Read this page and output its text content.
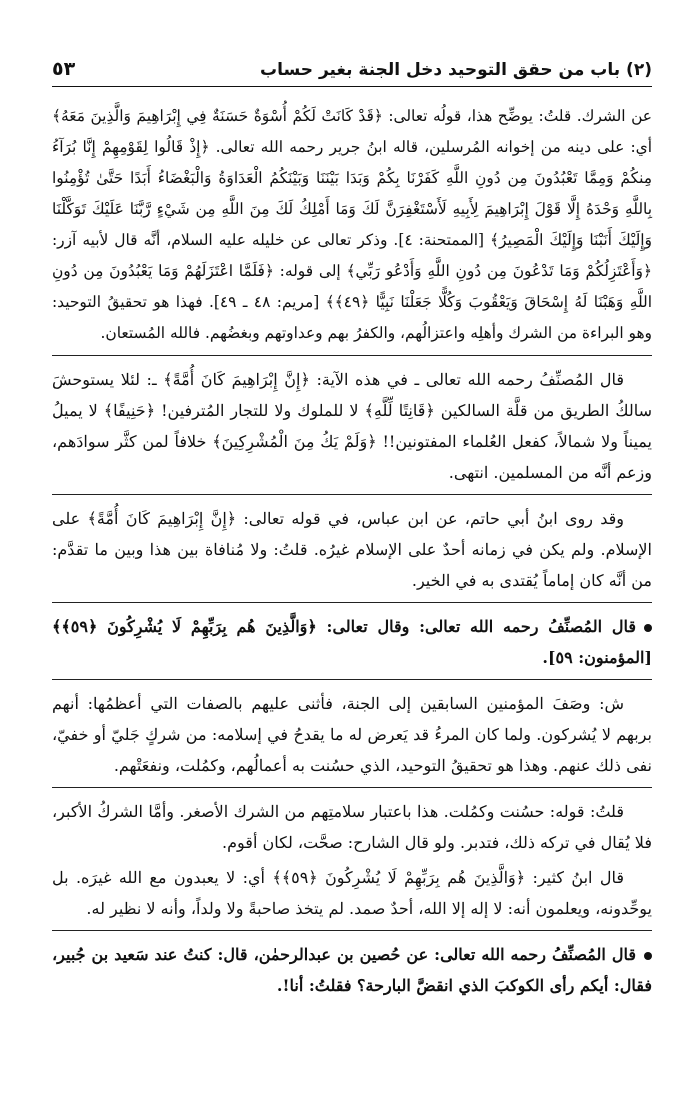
(٢) باب من حقق التوحيد دخل الجنة بغير حساب
٥٣

عن الشرك. قلتُ: يوضِّح هذا، قولُه تعالى: ﴿قَدْ كَانَتْ لَكُمْ أُسْوَةٌ حَسَنَةٌ فِي إِبْرَاهِيمَ وَالَّذِينَ مَعَهُ﴾ أي: على دينه من إخوانه المُرسلين، قاله ابنُ جرير رحمه الله تعالى. ﴿إِذْ قَالُوا لِقَوْمِهِمْ إِنَّا بُرَآءُ مِنكُمْ وَمِمَّا تَعْبُدُونَ مِن دُونِ اللَّهِ كَفَرْنَا بِكُمْ وَبَدَا بَيْنَنَا وَبَيْنَكُمُ الْعَدَاوَةُ وَالْبَغْضَاءُ أَبَدًا حَتَّىٰ تُؤْمِنُوا بِاللَّهِ وَحْدَهُ إِلَّا قَوْلَ إِبْرَاهِيمَ لِأَبِيهِ لَأَسْتَغْفِرَنَّ لَكَ وَمَا أَمْلِكُ لَكَ مِنَ اللَّهِ مِن شَيْءٍ رَّبَّنَا عَلَيْكَ تَوَكَّلْنَا وَإِلَيْكَ أَنَبْنَا وَإِلَيْكَ الْمَصِيرُ﴾ [الممتحنة: ٤]. وذكر تعالى عن خليله عليه السلام، أنَّه قال لأبيه آزر: ﴿وَأَعْتَزِلُكُمْ وَمَا تَدْعُونَ مِن دُونِ اللَّهِ وَأَدْعُو رَبِّي﴾ إلى قوله: ﴿فَلَمَّا اعْتَزَلَهُمْ وَمَا يَعْبُدُونَ مِن دُونِ اللَّهِ وَهَبْنَا لَهُ إِسْحَاقَ وَيَعْقُوبَ وَكُلًّا جَعَلْنَا نَبِيًّا ﴿٤٩﴾﴾ [مريم: ٤٨ ـ ٤٩]. فهذا هو تحقيقُ التوحيد: وهو البراءة من الشرك وأهلِه واعتزالُهم، والكفرُ بهم وعداوتهم وبغضُهم. فالله المُستعان.

قال المُصنِّفُ رحمه الله تعالى ـ في هذه الآية: ﴿إِنَّ إِبْرَاهِيمَ كَانَ أُمَّةً﴾ ـ: لئلا يستوحشَ سالكُ الطريق من قلَّة السالكين ﴿قَانِتًا لِّلَّهِ﴾ لا للملوك ولا للتجار المُترفين! ﴿حَنِيفًا﴾ لا يميلُ يميناً ولا شمالاً، كفعل العُلماء المفتونين!! ﴿وَلَمْ يَكُ مِنَ الْمُشْرِكِينَ﴾ خلافاً لمن كثَّر سوادَهم، وزعم أنَّه من المسلمين. انتهى.

وقد روى ابنُ أبي حاتم، عن ابن عباس، في قوله تعالى: ﴿إِنَّ إِبْرَاهِيمَ كَانَ أُمَّةً﴾ على الإسلام. ولم يكن في زمانه أحدٌ على الإسلام غيرُه. قلتُ: ولا مُنافاة بين هذا وبين ما تقدَّم: من أنَّه كان إماماً يُقتدى به في الخير.

قال المُصنِّفُ رحمه الله تعالى: وقال تعالى: ﴿وَالَّذِينَ هُم بِرَبِّهِمْ لَا يُشْرِكُونَ ﴿٥٩﴾﴾ [المؤمنون: ٥٩].

ش: وصَفَ المؤمنين السابقين إلى الجنة، فأثنى عليهم بالصفات التي أعظمُها: أنهم بربهم لا يُشركون. ولما كان المرءُ قد يَعرض له ما يقدحُ في إسلامه: من شركٍ جَليّ أو خفيّ، نفى ذلك عنهم. وهذا هو تحقيقُ التوحيد، الذي حسُنت به أعمالُهم، وكمُلت، ونفعَتْهم.

قلتُ: قوله: حسُنت وكمُلت. هذا باعتبار سلامتِهم من الشرك الأصغر. وأمَّا الشركُ الأكبر، فلا يُقال في تركه ذلك، فتدبر. ولو قال الشارح: صحَّت، لكان أقوم.

قال ابنُ كثير: ﴿وَالَّذِينَ هُم بِرَبِّهِمْ لَا يُشْرِكُونَ ﴿٥٩﴾﴾ أي: لا يعبدون مع الله غيرَه. بل يوحِّدونه، ويعلمون أنه: لا إله إلا الله، أحدٌ صمد. لم يتخذ صاحبةً ولا ولداً، وأنه لا نظير له.

قال المُصنِّفُ رحمه الله تعالى: عن حُصين بن عبدالرحمٰن، قال: كنتُ عند سَعيد بن جُبير، فقال: أيكم رأى الكوكبَ الذي انقضَّ البارحة؟ فقلتُ: أنا!.
